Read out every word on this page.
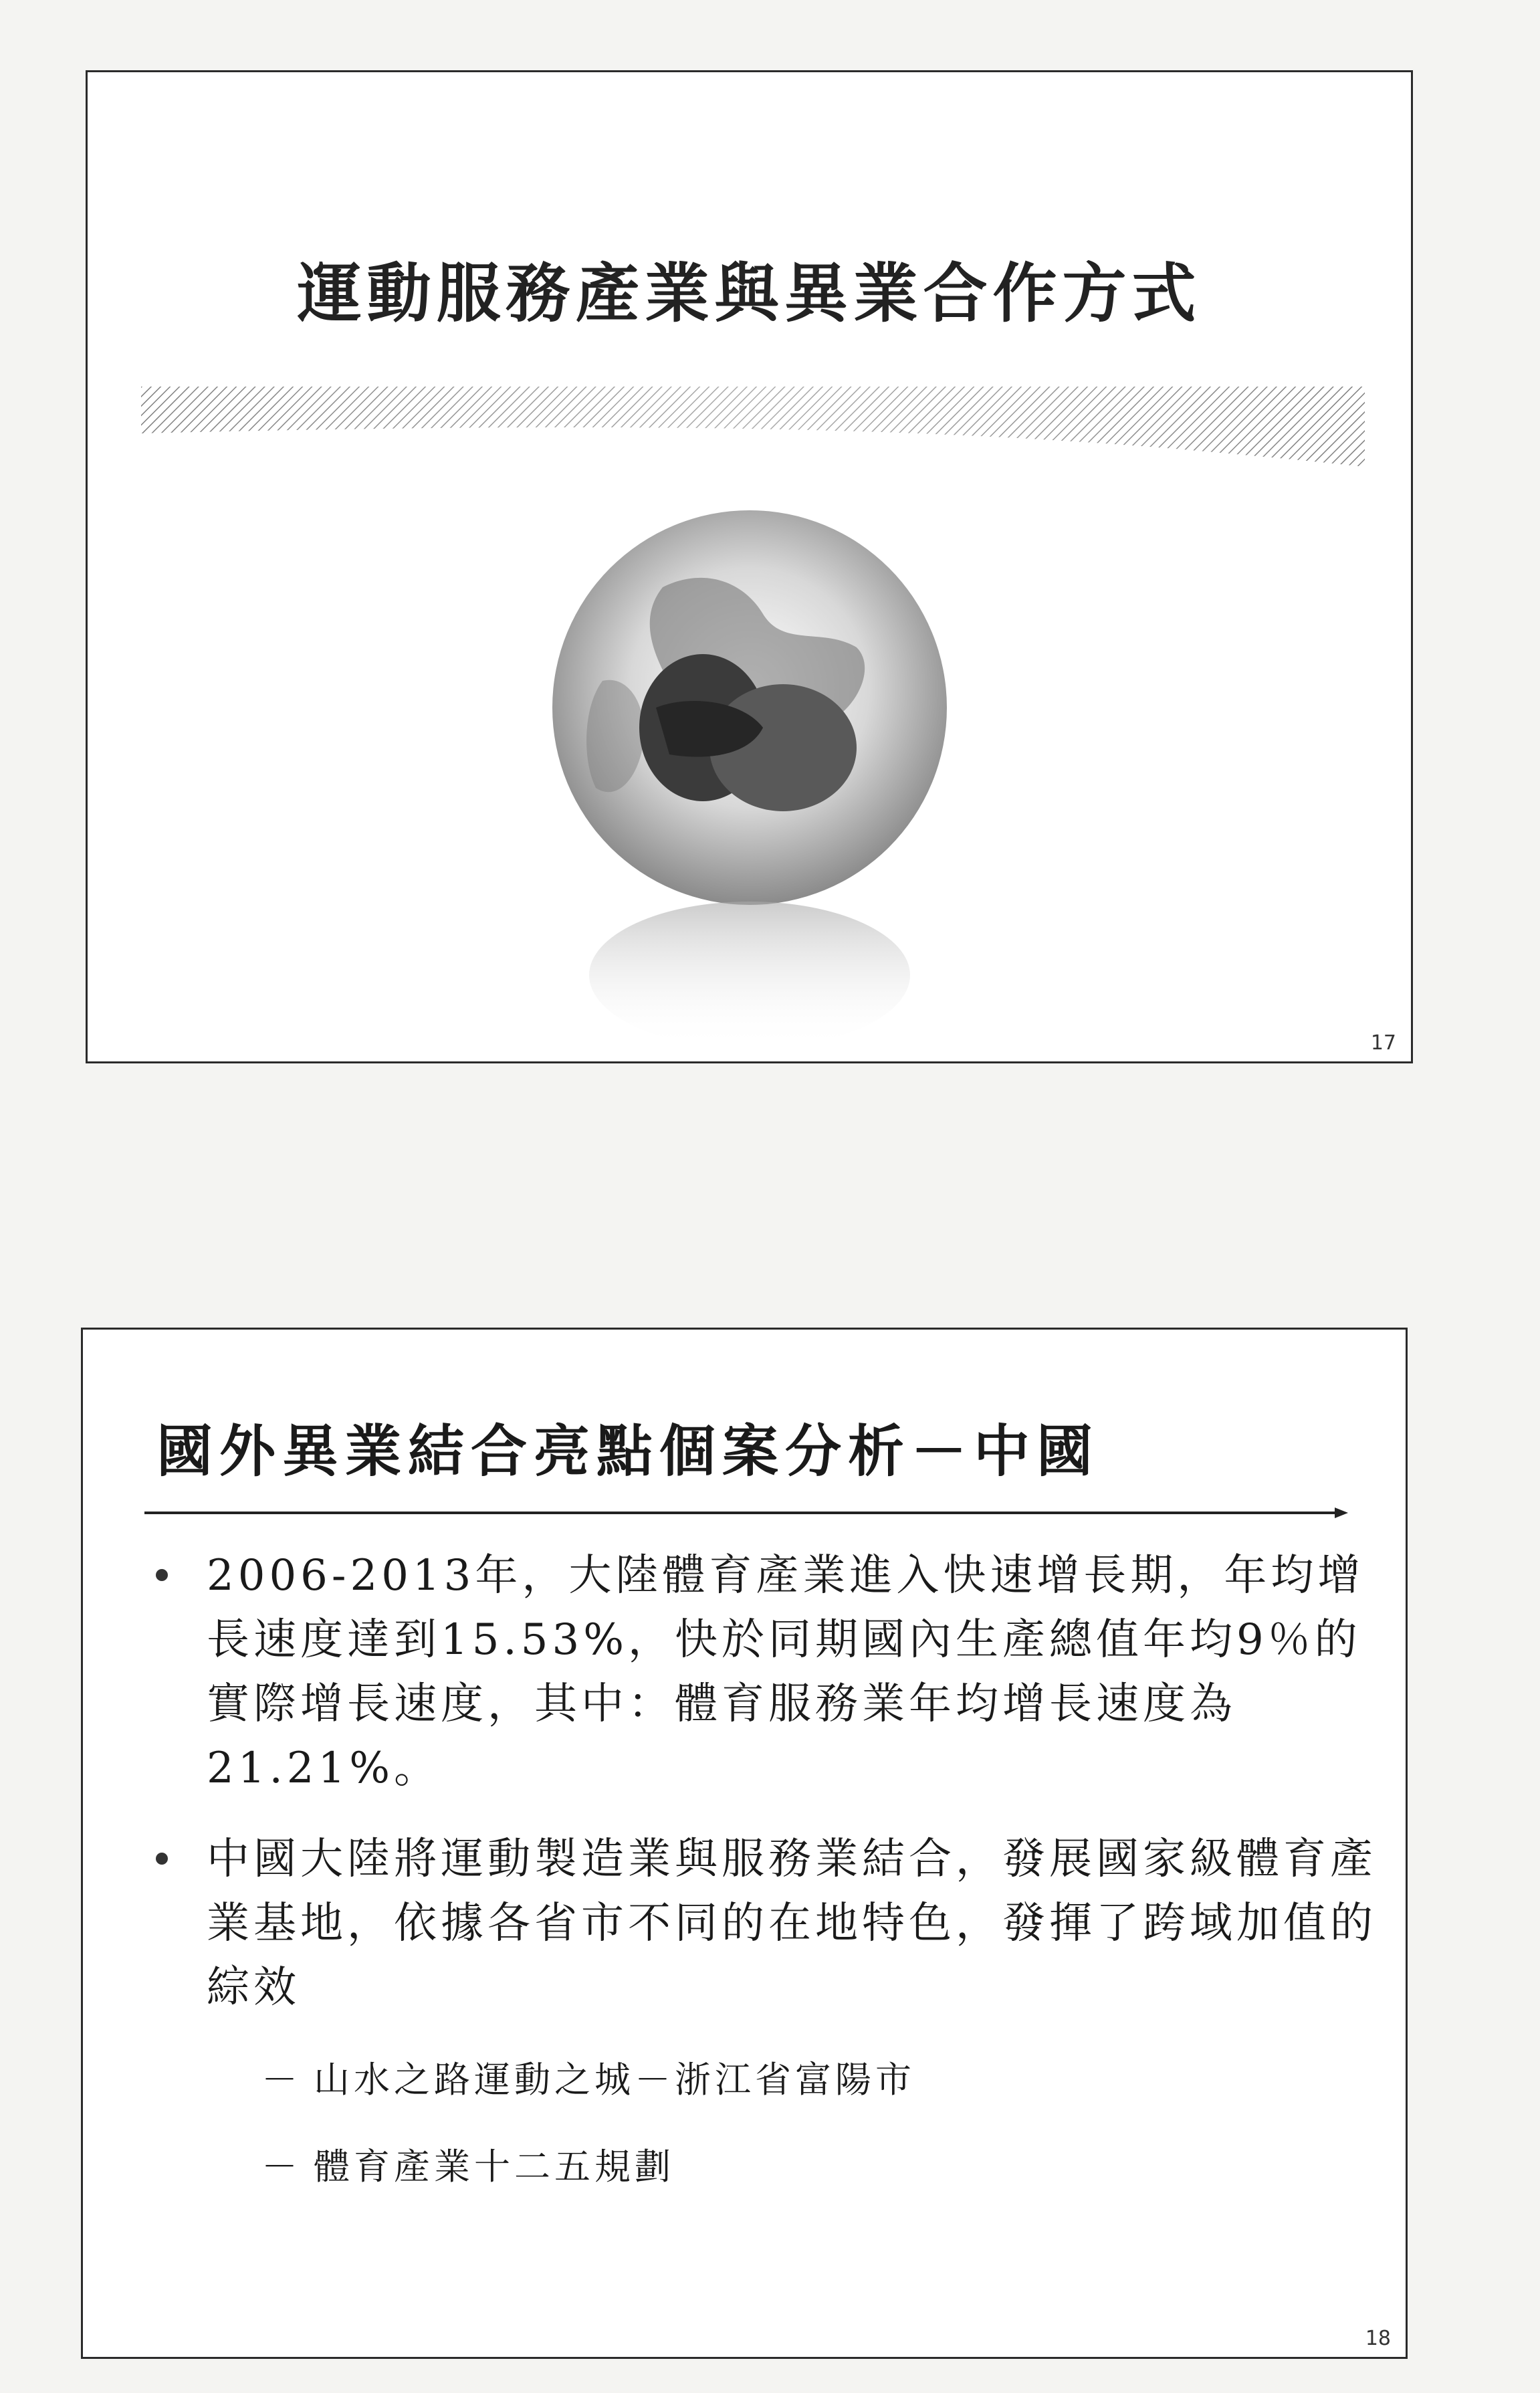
運動服務產業與異業合作方式
17
國外異業結合亮點個案分析－中國
2006-2013年，大陸體育產業進入快速增長期，年均增長速度達到15.53%，快於同期國內生產總值年均9％的實際增長速度，其中：體育服務業年均增長速度為21.21%。
中國大陸將運動製造業與服務業結合，發展國家級體育產業基地，依據各省市不同的在地特色，發揮了跨域加值的綜效
－ 山水之路運動之城－浙江省富陽市
－ 體育產業十二五規劃
18
